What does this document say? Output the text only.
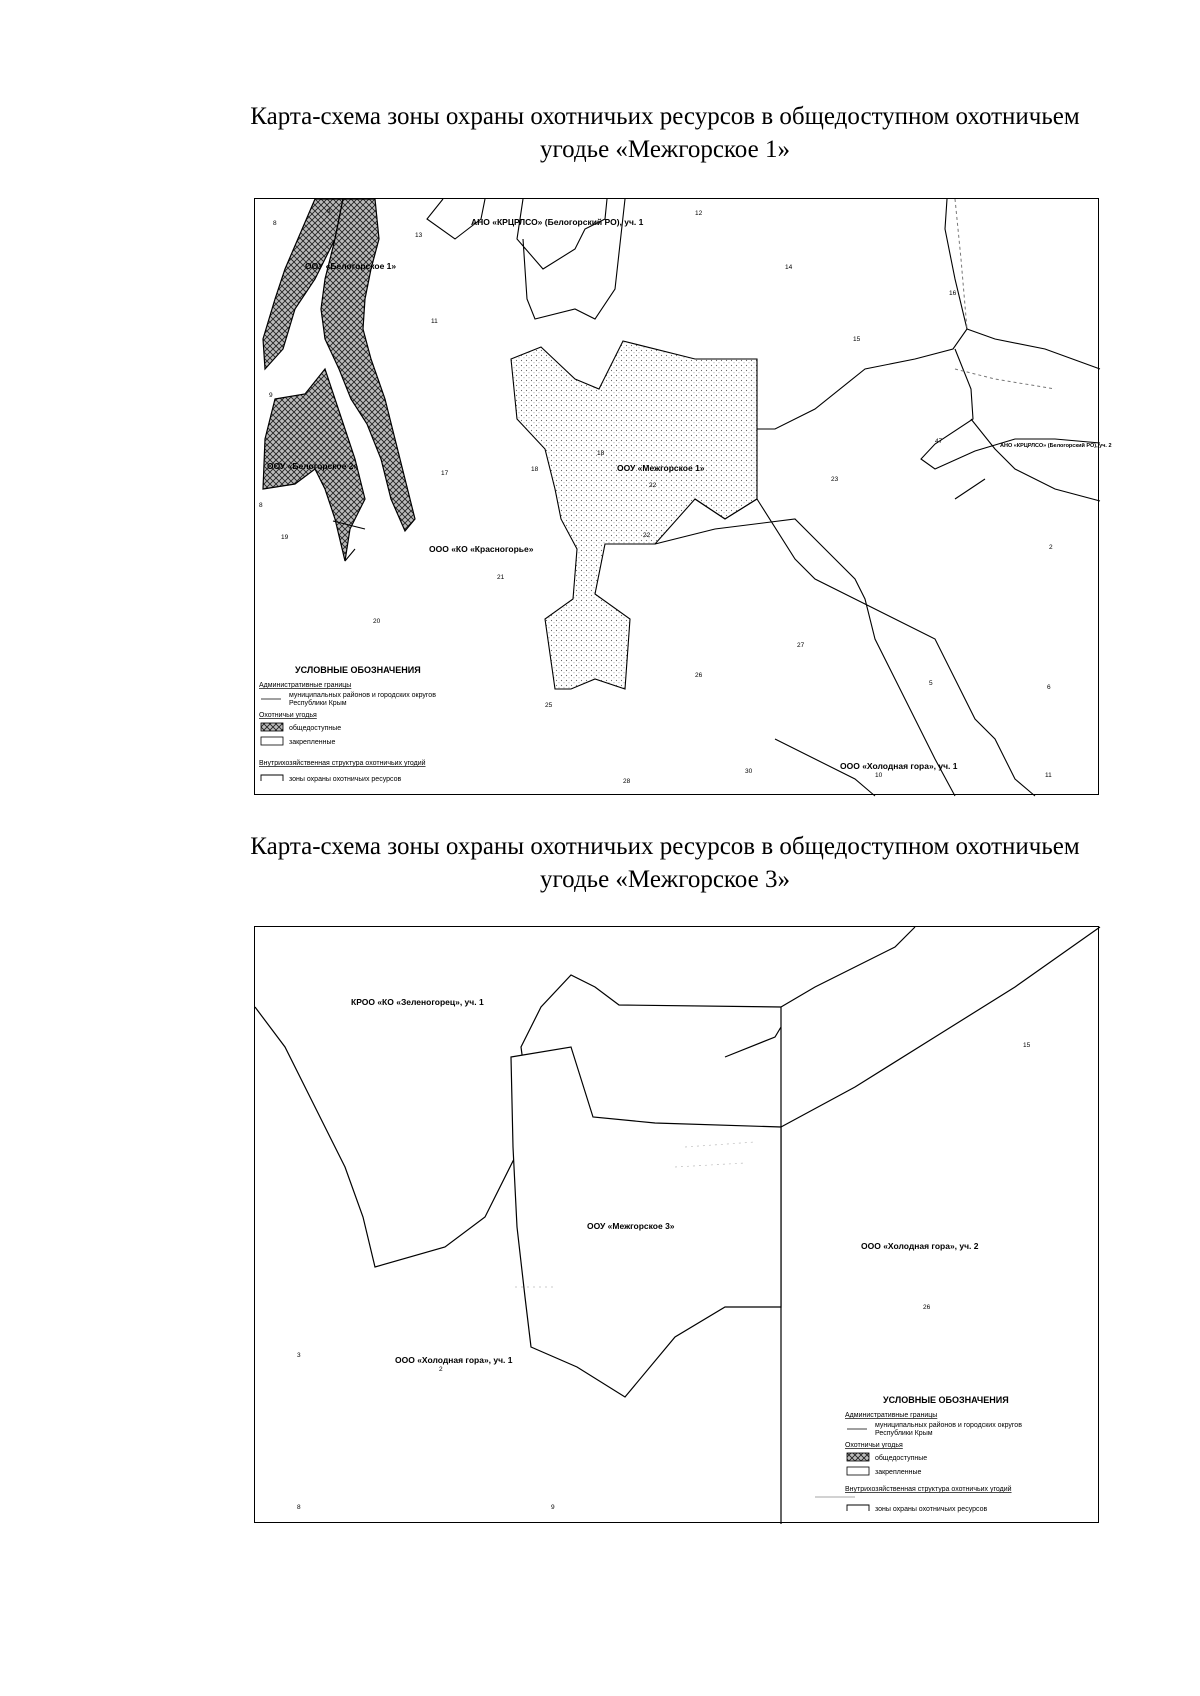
Карта-схема зоны охраны охотничьих ресурсов в общедоступном охотничьем
угодье «Межгорское 1»
АНО «КРЦРЛСО» (Белогорский РО), уч. 1
ООУ «Белогорское 1»
ООУ «Белогорское 2»	ООУ «Межгорское 1»
ООО «КО «Красногорье»
ООО «Холодная гора», уч. 1
АНО «КРЦРЛСО» (Белогорский РО), уч. 2
8
9
13
12
14
16
11
15
9
17
18
18
22
22
23
47
8
19
21
20
2
27
26
25
5
6
28
30
10	11
УСЛОВНЫЕ ОБОЗНАЧЕНИЯ
Административные границы
муниципальных районов и городских округов
Республики Крым
Охотничьи угодья
общедоступные
закрепленные
Внутрихозяйственная структура охотничьих угодий
зоны охраны охотничьих ресурсов
Карта-схема зоны охраны охотничьих ресурсов в общедоступном охотничьем
угодье «Межгорское 3»
КРОО «КО «Зеленогорец», уч. 1
ООУ «Межгорское 3»
ООО «Холодная гора», уч. 2
ООО «Холодная гора», уч. 1
15
26
3
2
8	9
УСЛОВНЫЕ ОБОЗНАЧЕНИЯ
Административные границы
муниципальных районов и городских округов
Республики Крым
Охотничьи угодья
общедоступные
закрепленные
Внутрихозяйственная структура охотничьих угодий
зоны охраны охотничьих ресурсов
